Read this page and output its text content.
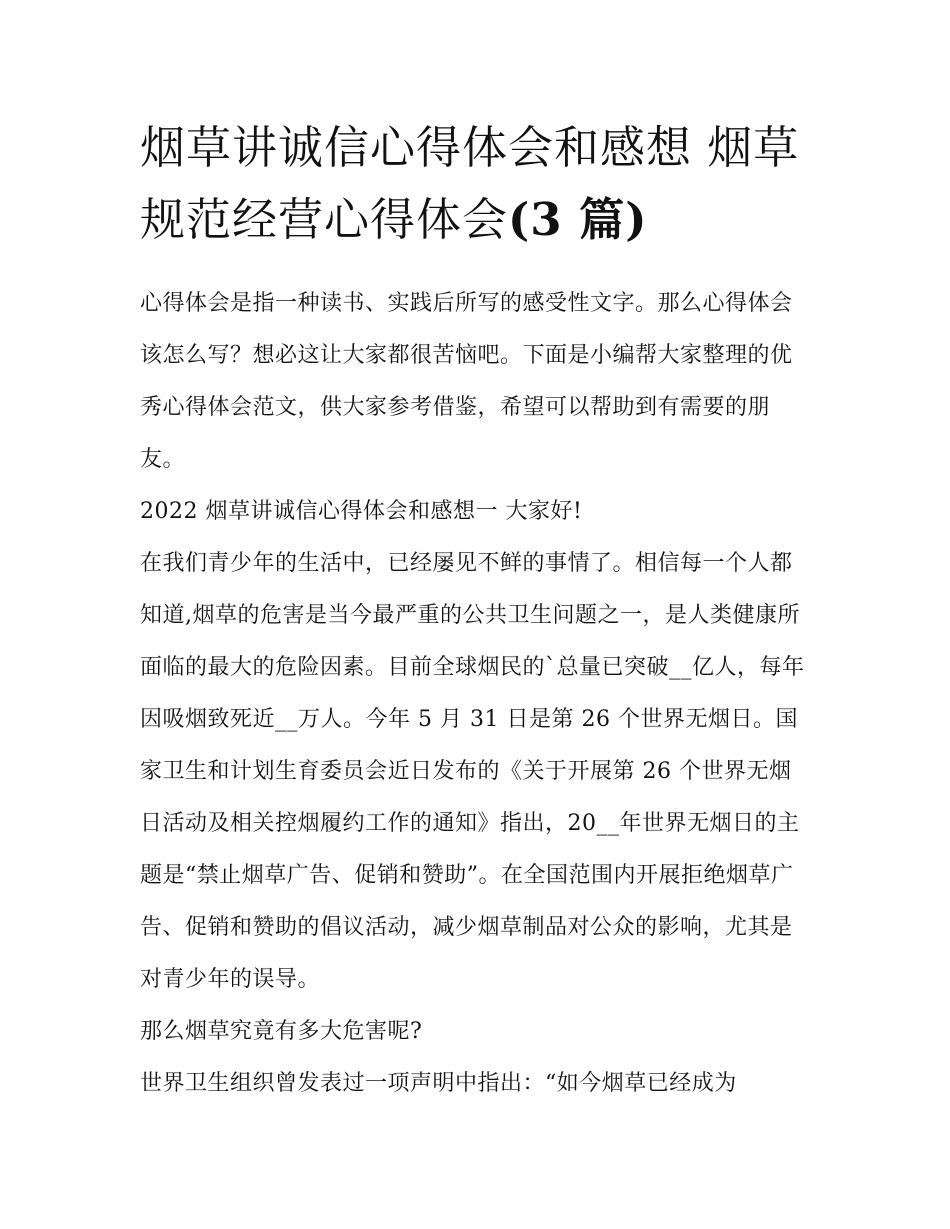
烟草讲诚信心得体会和感想 烟草规范经营心得体会(3 篇)

心得体会是指一种读书、实践后所写的感受性文字。那么心得体会该怎么写？想必这让大家都很苦恼吧。下面是小编帮大家整理的优秀心得体会范文，供大家参考借鉴，希望可以帮助到有需要的朋友。

2022 烟草讲诚信心得体会和感想一 大家好!

在我们青少年的生活中，已经屡见不鲜的事情了。相信每一个人都知道,烟草的危害是当今最严重的公共卫生问题之一，是人类健康所面临的最大的危险因素。目前全球烟民的`总量已突破__亿人，每年因吸烟致死近__万人。今年 5 月 31 日是第 26 个世界无烟日。国家卫生和计划生育委员会近日发布的《关于开展第 26 个世界无烟日活动及相关控烟履约工作的通知》指出，20__年世界无烟日的主题是“禁止烟草广告、促销和赞助”。在全国范围内开展拒绝烟草广告、促销和赞助的倡议活动，减少烟草制品对公众的影响，尤其是对青少年的误导。

那么烟草究竟有多大危害呢?

世界卫生组织曾发表过一项声明中指出：“如今烟草已经成为
